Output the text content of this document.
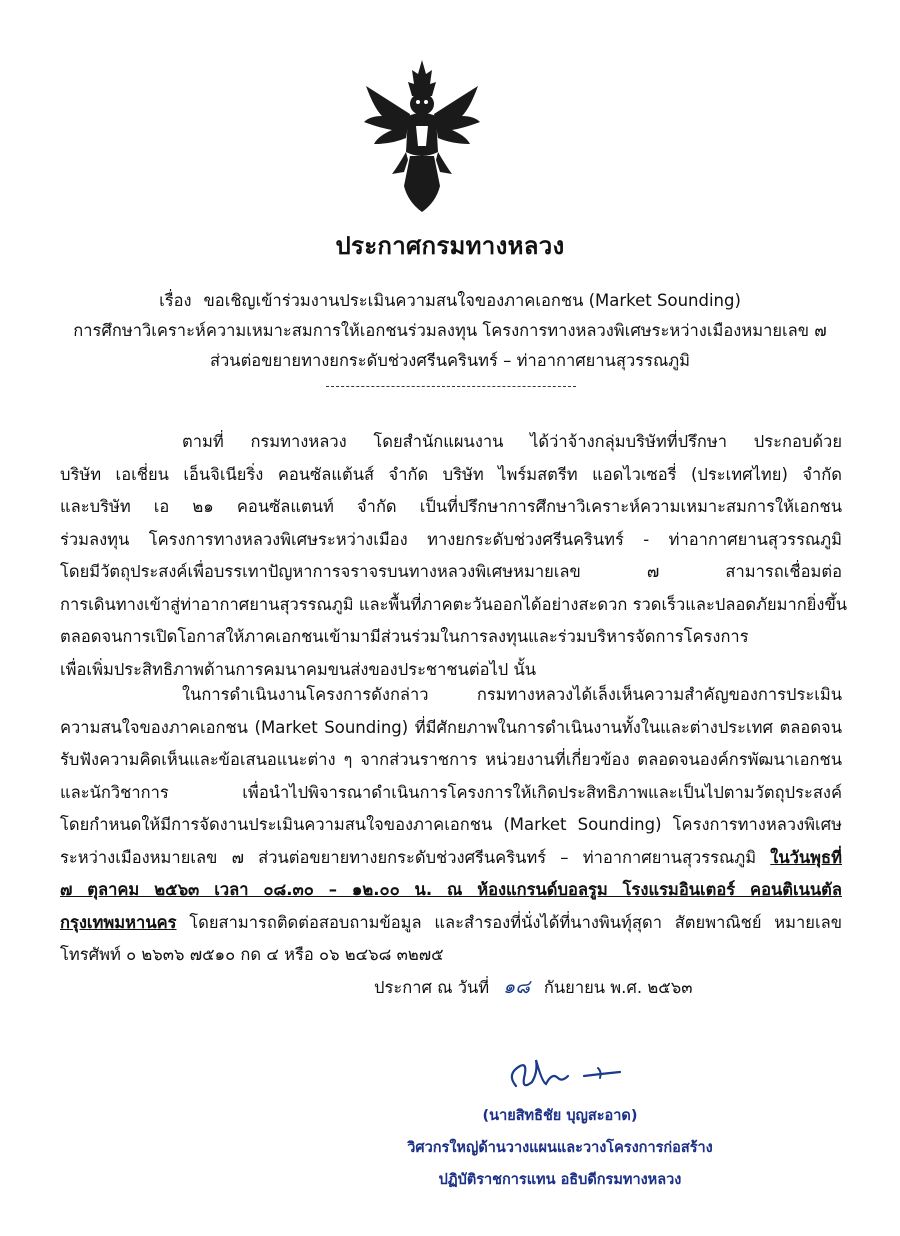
ประกาศกรมทางหลวง
เรื่อง ขอเชิญเข้าร่วมงานประเมินความสนใจของภาคเอกชน (Market Sounding)
การศึกษาวิเคราะห์ความเหมาะสมการให้เอกชนร่วมลงทุน โครงการทางหลวงพิเศษระหว่างเมืองหมายเลข ๗
ส่วนต่อขยายทางยกระดับช่วงศรีนครินทร์ – ท่าอากาศยานสุวรรณภูมิ
ตามที่ กรมทางหลวง โดยสำนักแผนงาน ได้ว่าจ้างกลุ่มบริษัทที่ปรึกษา ประกอบด้วย
บริษัท เอเชี่ยน เอ็นจิเนียริ่ง คอนซัลแต้นส์ จำกัด บริษัท ไพร์มสตรีท แอดไวเซอรี่ (ประเทศไทย) จำกัด
และบริษัท เอ ๒๑ คอนซัลแตนท์ จำกัด เป็นที่ปรึกษาการศึกษาวิเคราะห์ความเหมาะสมการให้เอกชน
ร่วมลงทุน โครงการทางหลวงพิเศษระหว่างเมือง ทางยกระดับช่วงศรีนครินทร์ - ท่าอากาศยานสุวรรณภูมิ
โดยมีวัตถุประสงค์เพื่อบรรเทาปัญหาการจราจรบนทางหลวงพิเศษหมายเลข ๗ สามารถเชื่อมต่อ
การเดินทางเข้าสู่ท่าอากาศยานสุวรรณภูมิ และพื้นที่ภาคตะวันออกได้อย่างสะดวก รวดเร็วและปลอดภัยมากยิ่งขึ้น
ตลอดจนการเปิดโอกาสให้ภาคเอกชนเข้ามามีส่วนร่วมในการลงทุนและร่วมบริหารจัดการโครงการ
เพื่อเพิ่มประสิทธิภาพด้านการคมนาคมขนส่งของประชาชนต่อไป นั้น
ในการดำเนินงานโครงการดังกล่าว กรมทางหลวงได้เล็งเห็นความสำคัญของการประเมิน
ความสนใจของภาคเอกชน (Market Sounding) ที่มีศักยภาพในการดำเนินงานทั้งในและต่างประเทศ ตลอดจน
รับฟังความคิดเห็นและข้อเสนอแนะต่าง ๆ จากส่วนราชการ หน่วยงานที่เกี่ยวข้อง ตลอดจนองค์กรพัฒนาเอกชน
และนักวิชาการ เพื่อนำไปพิจารณาดำเนินการโครงการให้เกิดประสิทธิภาพและเป็นไปตามวัตถุประสงค์
โดยกำหนดให้มีการจัดงานประเมินความสนใจของภาคเอกชน (Market Sounding) โครงการทางหลวงพิเศษ
ระหว่างเมืองหมายเลข ๗ ส่วนต่อขยายทางยกระดับช่วงศรีนครินทร์ – ท่าอากาศยานสุวรรณภูมิ ในวันพุธที่
๗ ตุลาคม ๒๕๖๓ เวลา ๐๘.๓๐ – ๑๒.๐๐ น. ณ ห้องแกรนด์บอลรูม โรงแรมอินเตอร์ คอนติเนนตัล
กรุงเทพมหานคร โดยสามารถติดต่อสอบถามข้อมูล และสำรองที่นั่งได้ที่นางพินทุ์สุดา สัตยพาณิชย์ หมายเลข
โทรศัพท์ ๐ ๒๖๓๖ ๗๕๑๐ กด ๔ หรือ ๐๖ ๒๔๖๘ ๓๒๗๕
ประกาศ ณ วันที่ ๑๘ กันยายน พ.ศ. ๒๕๖๓
(นายสิทธิชัย บุญสะอาด)
วิศวกรใหญ่ด้านวางแผนและวางโครงการก่อสร้าง
ปฏิบัติราชการแทน อธิบดีกรมทางหลวง
